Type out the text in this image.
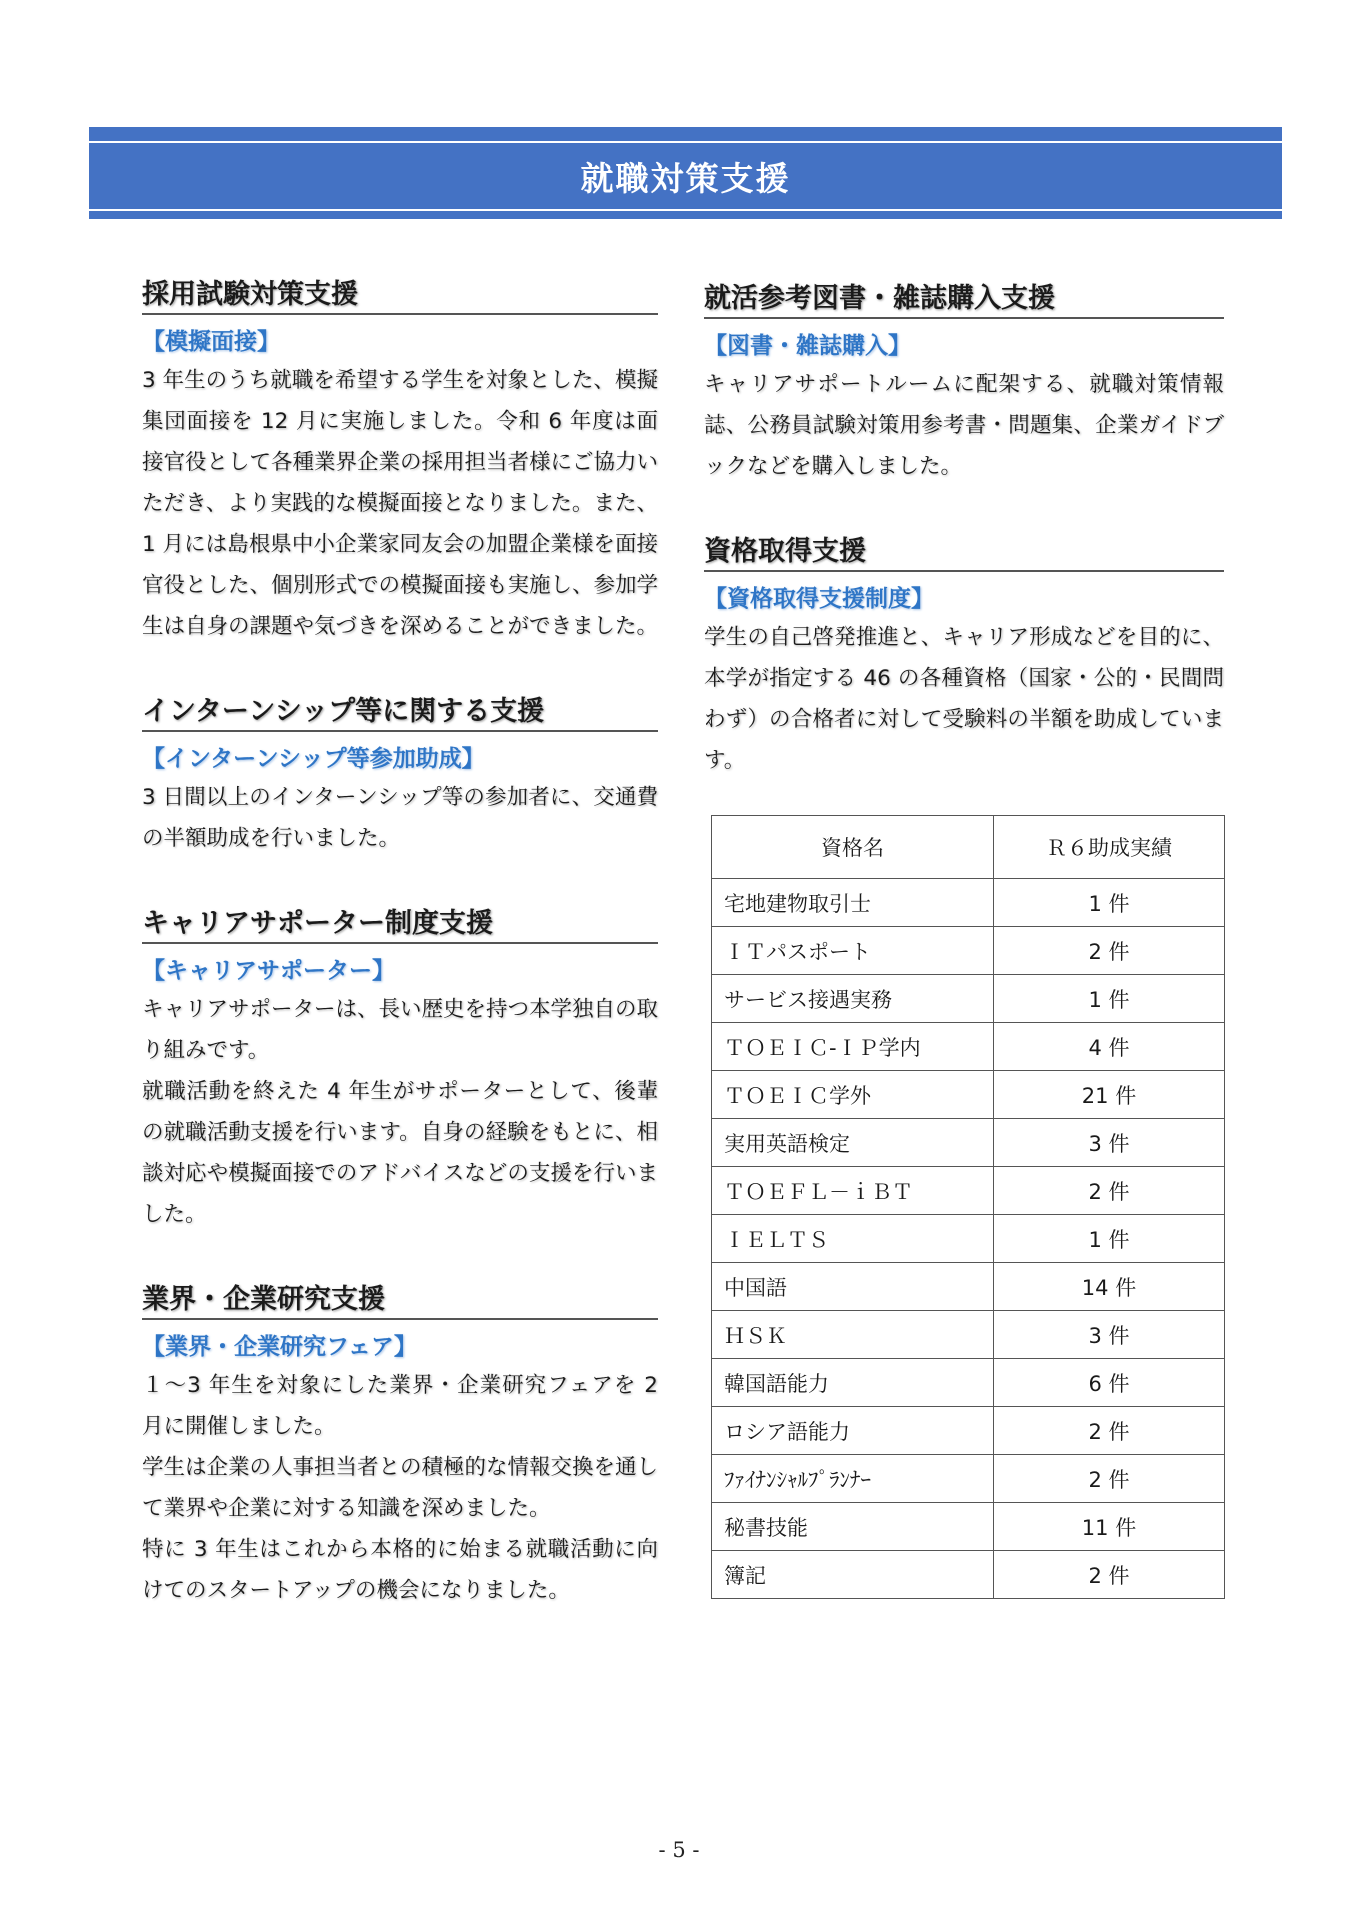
就職対策支援
採用試験対策支援
【模擬面接】
3 年生のうち就職を希望する学生を対象とした、模擬集団面接を 12 月に実施しました。令和 6 年度は面接官役として各種業界企業の採用担当者様にご協力いただき、より実践的な模擬面接となりました。また、1 月には島根県中小企業家同友会の加盟企業様を面接官役とした、個別形式での模擬面接も実施し、参加学生は自身の課題や気づきを深めることができました。
インターンシップ等に関する支援
【インターンシップ等参加助成】
3 日間以上のインターンシップ等の参加者に、交通費の半額助成を行いました。
キャリアサポーター制度支援
【キャリアサポーター】
キャリアサポーターは、長い歴史を持つ本学独自の取り組みです。
就職活動を終えた 4 年生がサポーターとして、後輩の就職活動支援を行います。自身の経験をもとに、相談対応や模擬面接でのアドバイスなどの支援を行いました。
業界・企業研究支援
【業界・企業研究フェア】
１～3 年生を対象にした業界・企業研究フェアを 2 月に開催しました。
学生は企業の人事担当者との積極的な情報交換を通して業界や企業に対する知識を深めました。
特に 3 年生はこれから本格的に始まる就職活動に向けてのスタートアップの機会になりました。
就活参考図書・雑誌購入支援
【図書・雑誌購入】
キャリアサポートルームに配架する、就職対策情報誌、公務員試験対策用参考書・問題集、企業ガイドブックなどを購入しました。
資格取得支援
【資格取得支援制度】
学生の自己啓発推進と、キャリア形成などを目的に、本学が指定する 46 の各種資格（国家・公的・民間問わず）の合格者に対して受験料の半額を助成しています。
資格名	Ｒ６助成実績
宅地建物取引士	1 件
ＩＴパスポート	2 件
サービス接遇実務	1 件
ＴＯＥＩＣ-ＩＰ学内	4 件
ＴＯＥＩＣ学外	21 件
実用英語検定	3 件
ＴＯＥＦＬ－ｉＢＴ	2 件
ＩＥＬＴＳ	1 件
中国語	14 件
ＨＳＫ	3 件
韓国語能力	6 件
ロシア語能力	2 件
ﾌｧｲﾅﾝｼｬﾙﾌﾟﾗﾝﾅｰ	2 件
秘書技能	11 件
簿記	2 件
- 5 -
